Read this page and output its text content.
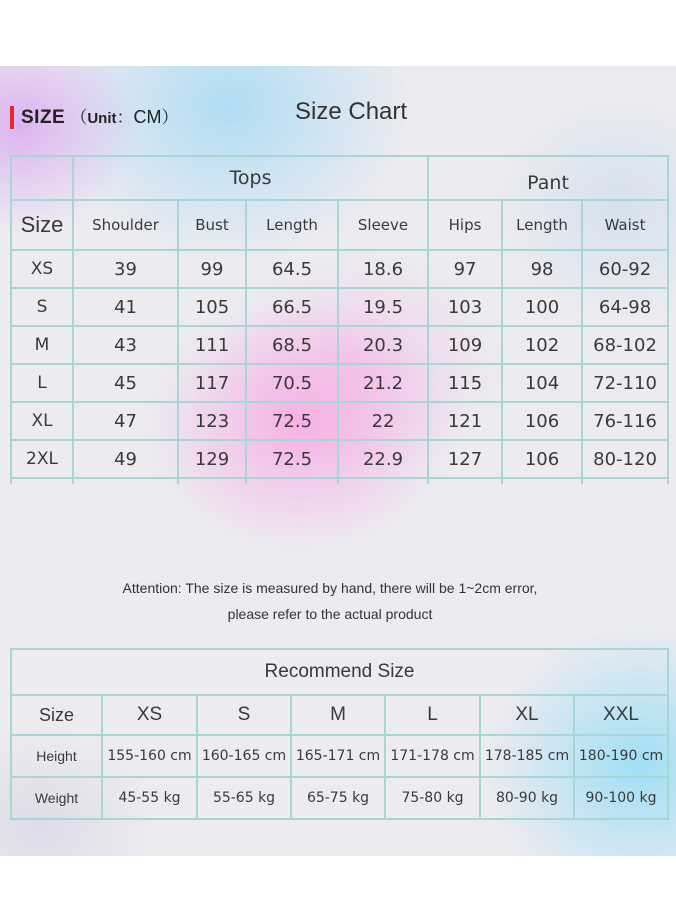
SIZE （Unit：CM）	Size Chart
	Tops				Pant		
Size	Shoulder	Bust	Length	Sleeve	Hips	Length	Waist
XS	39	99	64.5	18.6	97	98	60-92
S	41	105	66.5	19.5	103	100	64-98
M	43	111	68.5	20.3	109	102	68-102
L	45	117	70.5	21.2	115	104	72-110
XL	47	123	72.5	22	121	106	76-116
2XL	49	129	72.5	22.9	127	106	80-120

Attention: The size is measured by hand, there will be 1~2cm error,
please refer to the actual product
Recommend Size						
Size	XS	S	M	L	XL	XXL
Height	155-160 cm	160-165 cm	165-171 cm	171-178 cm	178-185 cm	180-190 cm
Weight	45-55 kg	55-65 kg	65-75 kg	75-80 kg	80-90 kg	90-100 kg
